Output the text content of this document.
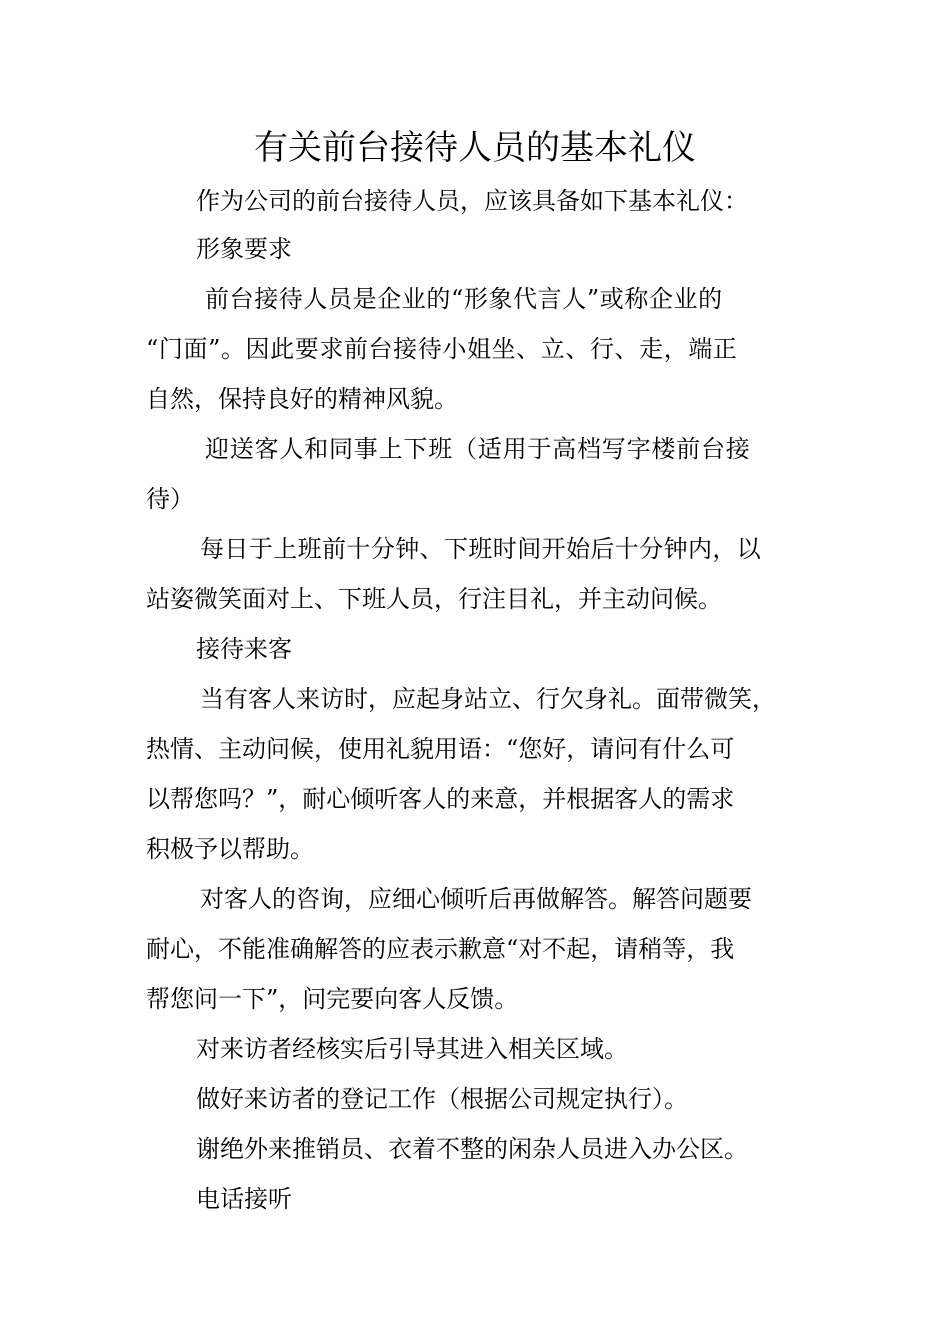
有关前台接待人员的基本礼仪
作为公司的前台接待人员，应该具备如下基本礼仪：
形象要求
前台接待人员是企业的“形象代言人”或称企业的
“门面”。因此要求前台接待小姐坐、立、行、走，端正
自然，保持良好的精神风貌。
迎送客人和同事上下班（适用于高档写字楼前台接
待）
每日于上班前十分钟、下班时间开始后十分钟内，以
站姿微笑面对上、下班人员，行注目礼，并主动问候。
接待来客
当有客人来访时，应起身站立、行欠身礼。面带微笑，
热情、主动问候，使用礼貌用语：“您好，请问有什么可
以帮您吗？”，耐心倾听客人的来意，并根据客人的需求
积极予以帮助。
对客人的咨询，应细心倾听后再做解答。解答问题要
耐心，不能准确解答的应表示歉意“对不起，请稍等，我
帮您问一下”，问完要向客人反馈。
对来访者经核实后引导其进入相关区域。
做好来访者的登记工作（根据公司规定执行）。
谢绝外来推销员、衣着不整的闲杂人员进入办公区。
电话接听
